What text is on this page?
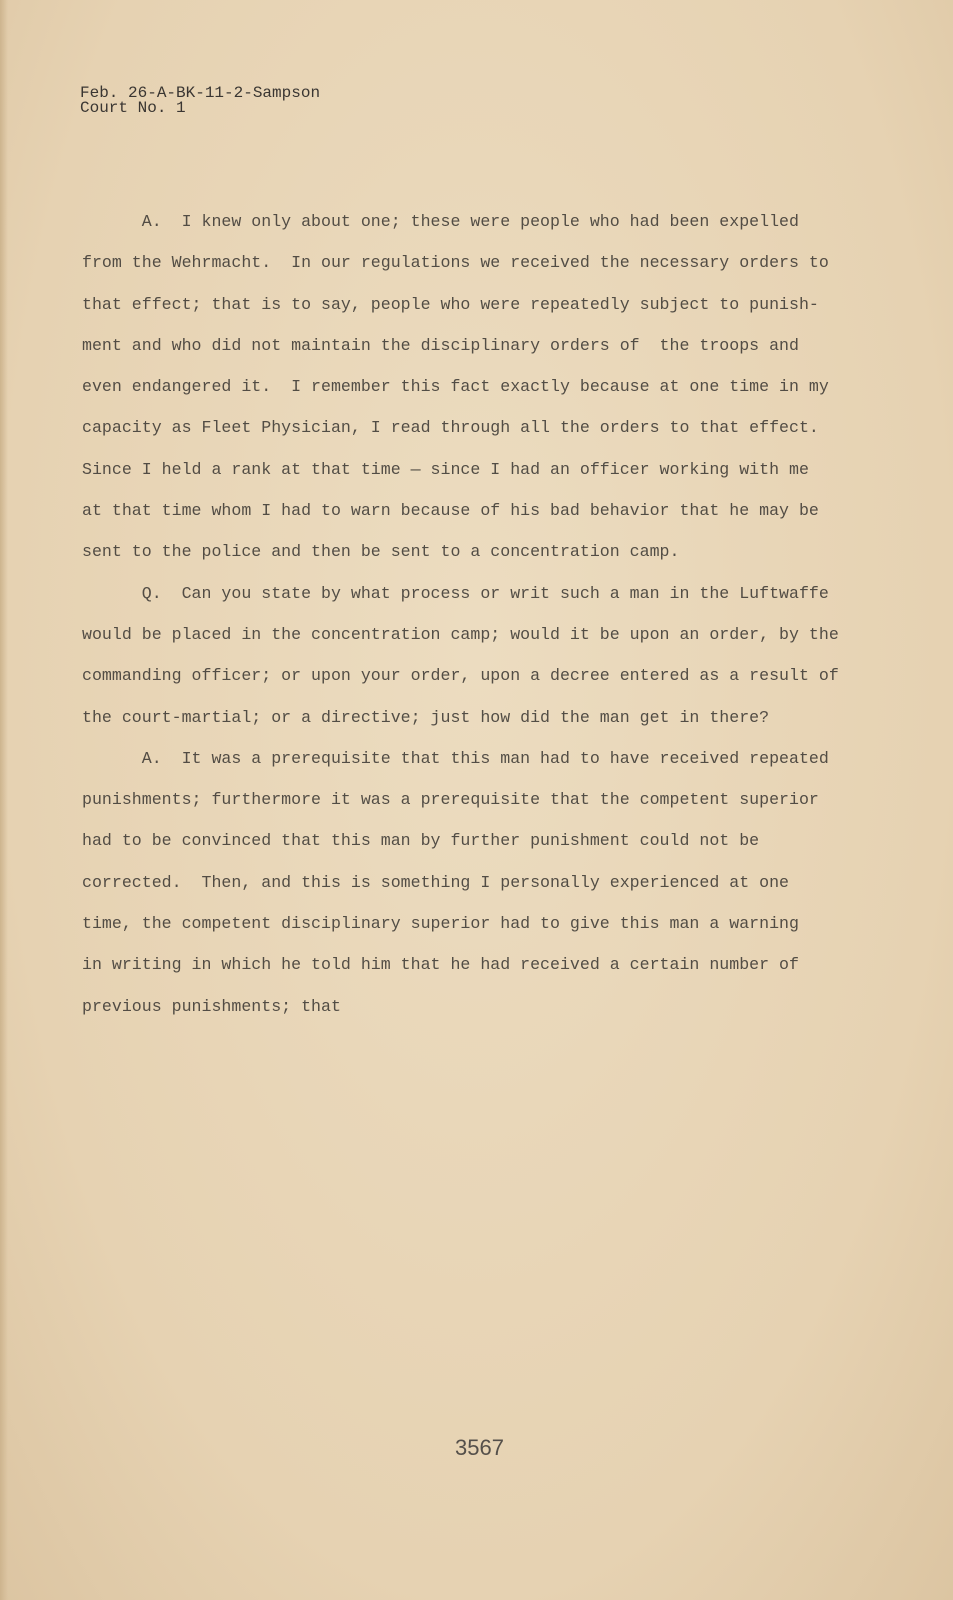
Feb. 26-A-BK-11-2-Sampson
Court No. 1
A.  I knew only about one; these were people who had been expelled
from the Wehrmacht.  In our regulations we received the necessary orders to
that effect; that is to say, people who were repeatedly subject to punish-
ment and who did not maintain the disciplinary orders of  the troops and
even endangered it.  I remember this fact exactly because at one time in my
capacity as Fleet Physician, I read through all the orders to that effect.
Since I held a rank at that time — since I had an officer working with me
at that time whom I had to warn because of his bad behavior that he may be
sent to the police and then be sent to a concentration camp.
Q.  Can you state by what process or writ such a man in the Luftwaffe
would be placed in the concentration camp; would it be upon an order, by the
commanding officer; or upon your order, upon a decree entered as a result of
the court-martial; or a directive; just how did the man get in there?
A.  It was a prerequisite that this man had to have received repeated
punishments; furthermore it was a prerequisite that the competent superior
had to be convinced that this man by further punishment could not be
corrected.  Then, and this is something I personally experienced at one
time, the competent disciplinary superior had to give this man a warning
in writing in which he told him that he had received a certain number of
previous punishments; that
3567
